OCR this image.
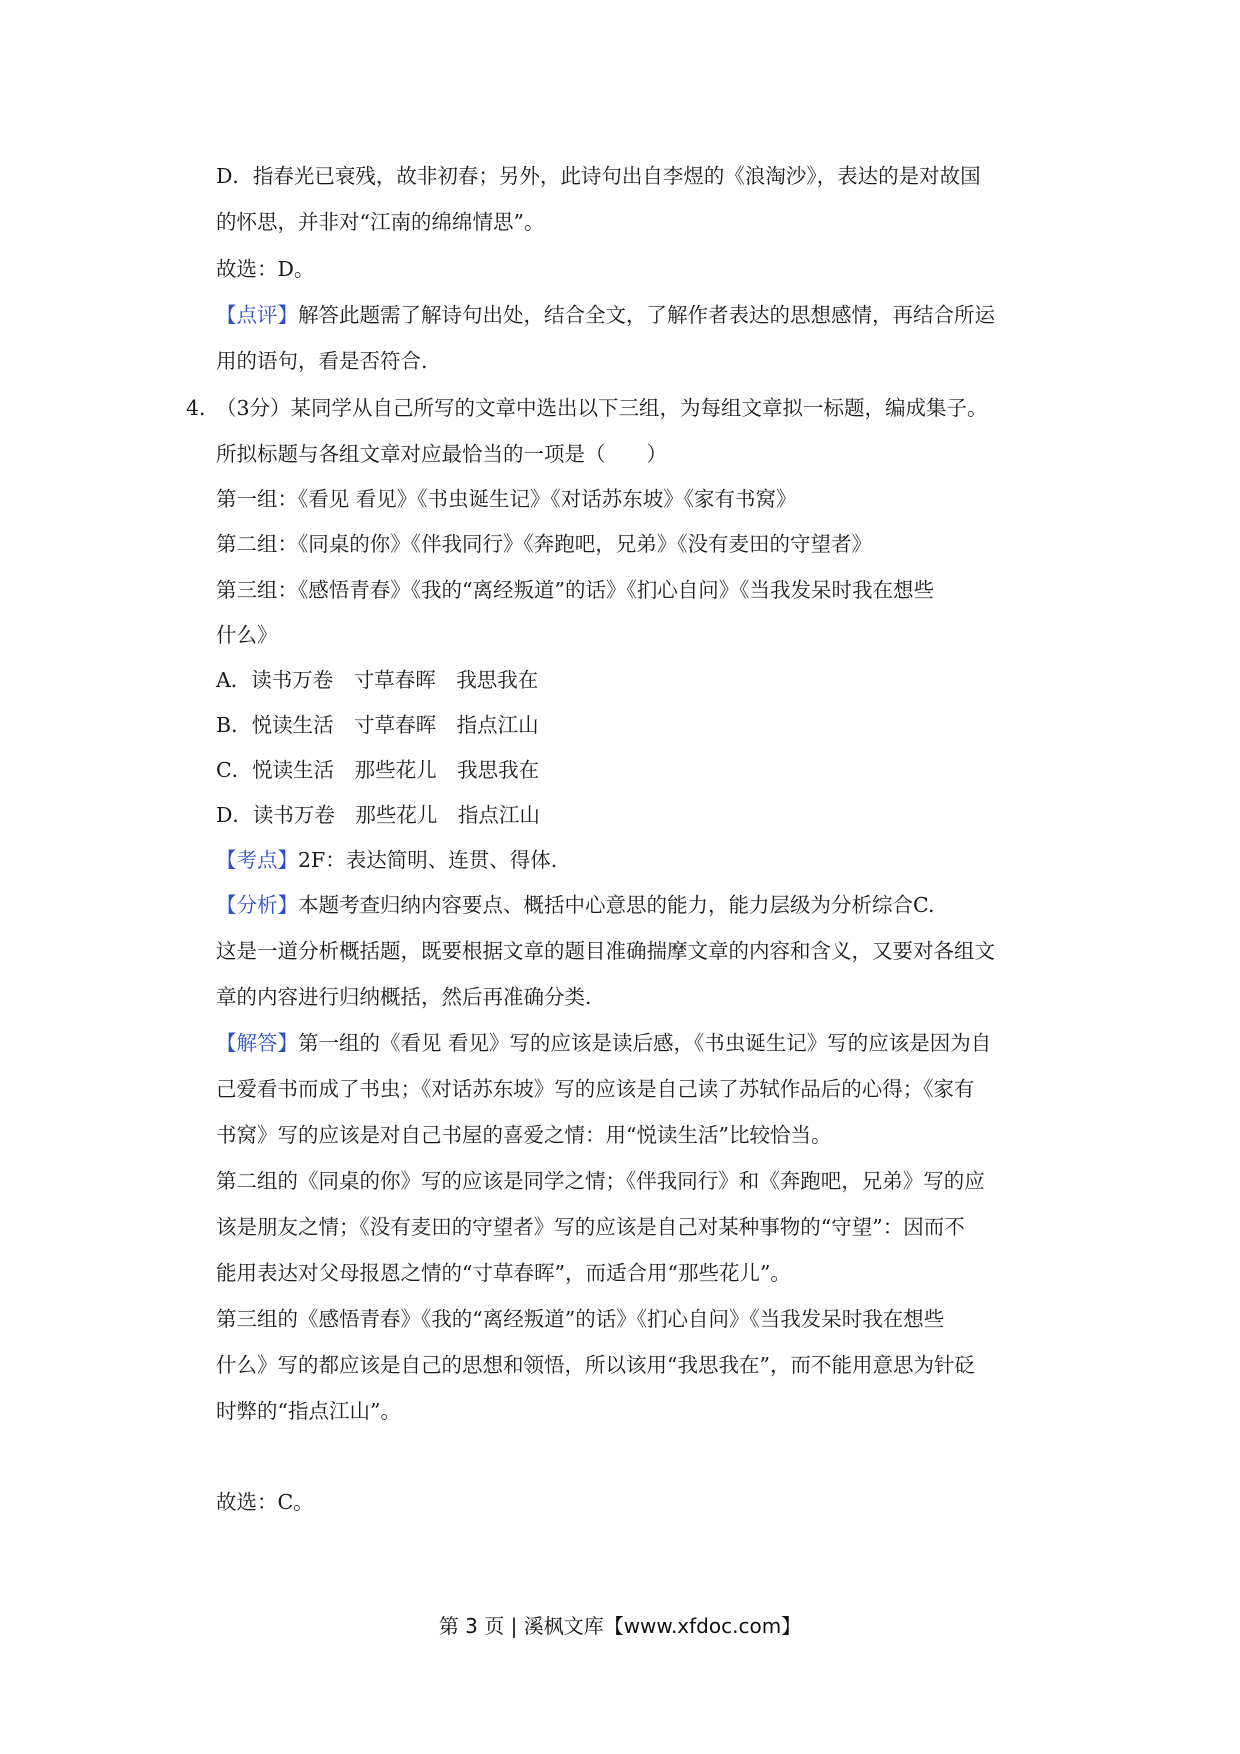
D．指春光已衰残，故非初春；另外，此诗句出自李煜的《浪淘沙》，表达的是对故国
的怀思，并非对“江南的绵绵情思”。
故选：D。
【点评】解答此题需了解诗句出处，结合全文，了解作者表达的思想感情，再结合所运
用的语句，看是否符合.
4．
（3分）某同学从自己所写的文章中选出以下三组，为每组文章拟一标题，编成集子。
所拟标题与各组文章对应最恰当的一项是（　　）
第一组：《看见 看见》《书虫诞生记》《对话苏东坡》《家有书窝》
第二组：《同桌的你》《伴我同行》《奔跑吧，兄弟》《没有麦田的守望者》
第三组：《感悟青春》《我的“离经叛道”的话》《扪心自问》《当我发呆时我在想些
什么》
A．读书万卷　寸草春晖　我思我在
B．悦读生活　寸草春晖　指点江山
C．悦读生活　那些花儿　我思我在
D．读书万卷　那些花儿　指点江山
【考点】2F：表达简明、连贯、得体.
【分析】本题考查归纳内容要点、概括中心意思的能力，能力层级为分析综合C.
这是一道分析概括题，既要根据文章的题目准确揣摩文章的内容和含义，又要对各组文
章的内容进行归纳概括，然后再准确分类.
【解答】第一组的《看见 看见》写的应该是读后感，《书虫诞生记》写的应该是因为自
己爱看书而成了书虫；《对话苏东坡》写的应该是自己读了苏轼作品后的心得；《家有
书窝》写的应该是对自己书屋的喜爱之情：用“悦读生活”比较恰当。
第二组的《同桌的你》写的应该是同学之情；《伴我同行》和《奔跑吧，兄弟》写的应
该是朋友之情；《没有麦田的守望者》写的应该是自己对某种事物的“守望”：因而不
能用表达对父母报恩之情的“寸草春晖”，而适合用“那些花儿”。
第三组的《感悟青春》《我的“离经叛道”的话》《扪心自问》《当我发呆时我在想些
什么》写的都应该是自己的思想和领悟，所以该用“我思我在”，而不能用意思为针砭
时弊的“指点江山”。
故选：C。
第 3 页 | 溪枫文库【www.xfdoc.com】
